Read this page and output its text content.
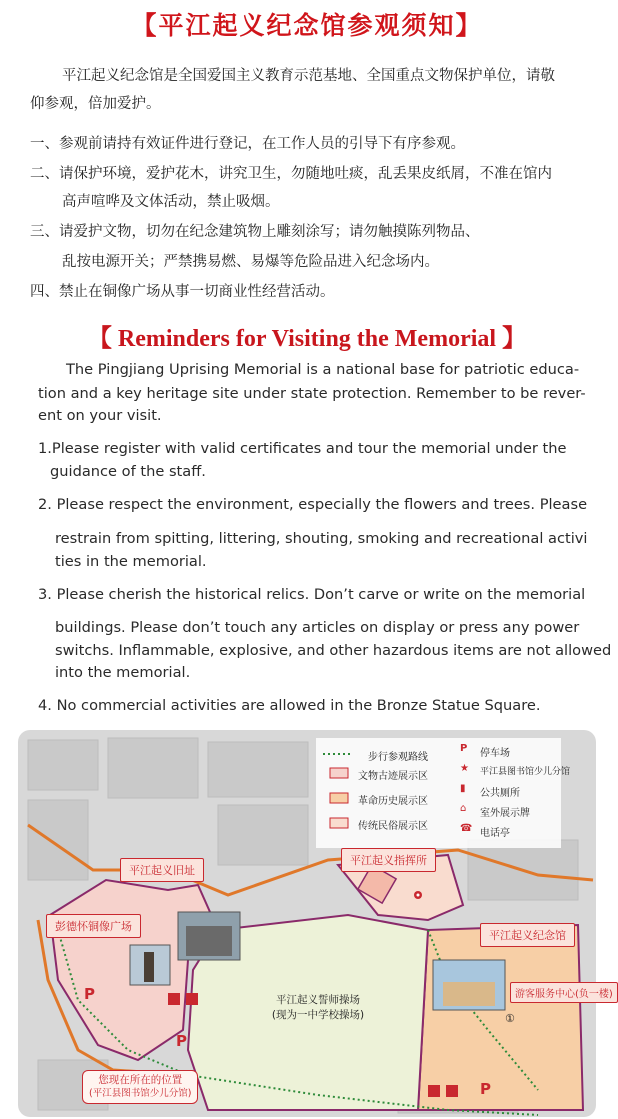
【平江起义纪念馆参观须知】
平江起义纪念馆是全国爱国主义教育示范基地、全国重点文物保护单位，请敬
仰参观，倍加爱护。
一、参观前请持有效证件进行登记，在工作人员的引导下有序参观。
二、请保护环境，爱护花木，讲究卫生，勿随地吐痰，乱丢果皮纸屑，不准在馆内
高声喧哗及文体活动，禁止吸烟。
三、请爱护文物，切勿在纪念建筑物上雕刻涂写；请勿触摸陈列物品、
乱按电源开关；严禁携易燃、易爆等危险品进入纪念场内。
四、禁止在铜像广场从事一切商业性经营活动。
【 Reminders for Visiting the Memorial 】
The Pingjiang Uprising Memorial is a national base for patriotic educa-
tion and a key heritage site under state protection. Remember to be rever-
ent on your visit.
1.Please register with valid certificates and tour the memorial under the
guidance of the staff.
2. Please respect the environment, especially the flowers and trees. Please
restrain from spitting, littering, shouting, smoking and recreational activi
ties in the memorial.
3. Please cherish the historical relics. Don’t carve or write on the memorial
buildings. Please don’t touch any articles on display or press any power
switchs. Inflammable, explosive, and other hazardous items are not allowed
into the memorial.
4. No commercial activities are allowed in the Bronze Statue Square.
步行参观路线
文物古迹展示区
革命历史展示区
传统民俗展示区
P 停车场
★ 平江县图书馆少儿分馆
▮ 公共厕所
⌂ 室外展示牌
☎ 电话亭
平江起义旧址
平江起义指挥所
彭德怀铜像广场
平江起义纪念馆
游客服务中心(负一楼)
平江起义誓师操场
(现为一中学校操场)
您现在所在的位置
(平江县图书馆少儿分馆)
P
P
P
①
